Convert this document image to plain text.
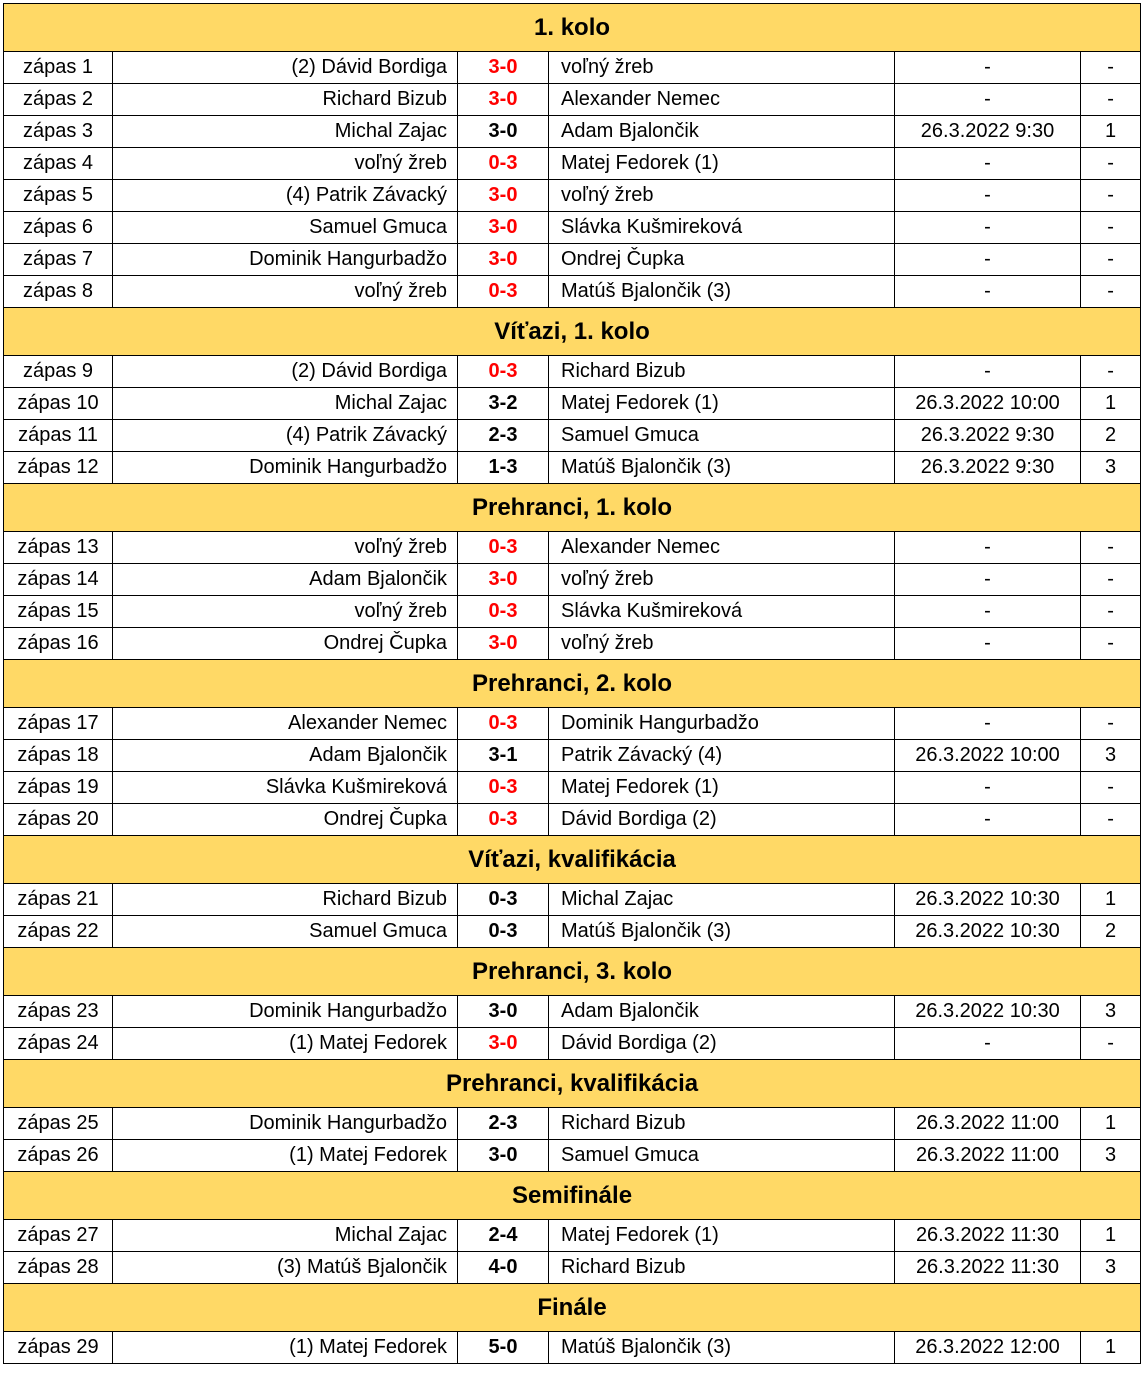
1. kolo					
zápas 1	(2) Dávid Bordiga	3-0	voľný žreb	-	-
zápas 2	Richard Bizub	3-0	Alexander Nemec	-	-
zápas 3	Michal Zajac	3-0	Adam Bjalončik	26.3.2022 9:30	1
zápas 4	voľný žreb	0-3	Matej Fedorek (1)	-	-
zápas 5	(4) Patrik Závacký	3-0	voľný žreb	-	-
zápas 6	Samuel Gmuca	3-0	Slávka Kušmireková	-	-
zápas 7	Dominik Hangurbadžo	3-0	Ondrej Čupka	-	-
zápas 8	voľný žreb	0-3	Matúš Bjalončik (3)	-	-
Víťazi, 1. kolo					
zápas 9	(2) Dávid Bordiga	0-3	Richard Bizub	-	-
zápas 10	Michal Zajac	3-2	Matej Fedorek (1)	26.3.2022 10:00	1
zápas 11	(4) Patrik Závacký	2-3	Samuel Gmuca	26.3.2022 9:30	2
zápas 12	Dominik Hangurbadžo	1-3	Matúš Bjalončik (3)	26.3.2022 9:30	3
Prehranci, 1. kolo					
zápas 13	voľný žreb	0-3	Alexander Nemec	-	-
zápas 14	Adam Bjalončik	3-0	voľný žreb	-	-
zápas 15	voľný žreb	0-3	Slávka Kušmireková	-	-
zápas 16	Ondrej Čupka	3-0	voľný žreb	-	-
Prehranci, 2. kolo					
zápas 17	Alexander Nemec	0-3	Dominik Hangurbadžo	-	-
zápas 18	Adam Bjalončik	3-1	Patrik Závacký (4)	26.3.2022 10:00	3
zápas 19	Slávka Kušmireková	0-3	Matej Fedorek (1)	-	-
zápas 20	Ondrej Čupka	0-3	Dávid Bordiga (2)	-	-
Víťazi, kvalifikácia					
zápas 21	Richard Bizub	0-3	Michal Zajac	26.3.2022 10:30	1
zápas 22	Samuel Gmuca	0-3	Matúš Bjalončik (3)	26.3.2022 10:30	2
Prehranci, 3. kolo					
zápas 23	Dominik Hangurbadžo	3-0	Adam Bjalončik	26.3.2022 10:30	3
zápas 24	(1) Matej Fedorek	3-0	Dávid Bordiga (2)	-	-
Prehranci, kvalifikácia					
zápas 25	Dominik Hangurbadžo	2-3	Richard Bizub	26.3.2022 11:00	1
zápas 26	(1) Matej Fedorek	3-0	Samuel Gmuca	26.3.2022 11:00	3
Semifinále					
zápas 27	Michal Zajac	2-4	Matej Fedorek (1)	26.3.2022 11:30	1
zápas 28	(3) Matúš Bjalončik	4-0	Richard Bizub	26.3.2022 11:30	3
Finále					
zápas 29	(1) Matej Fedorek	5-0	Matúš Bjalončik (3)	26.3.2022 12:00	1
